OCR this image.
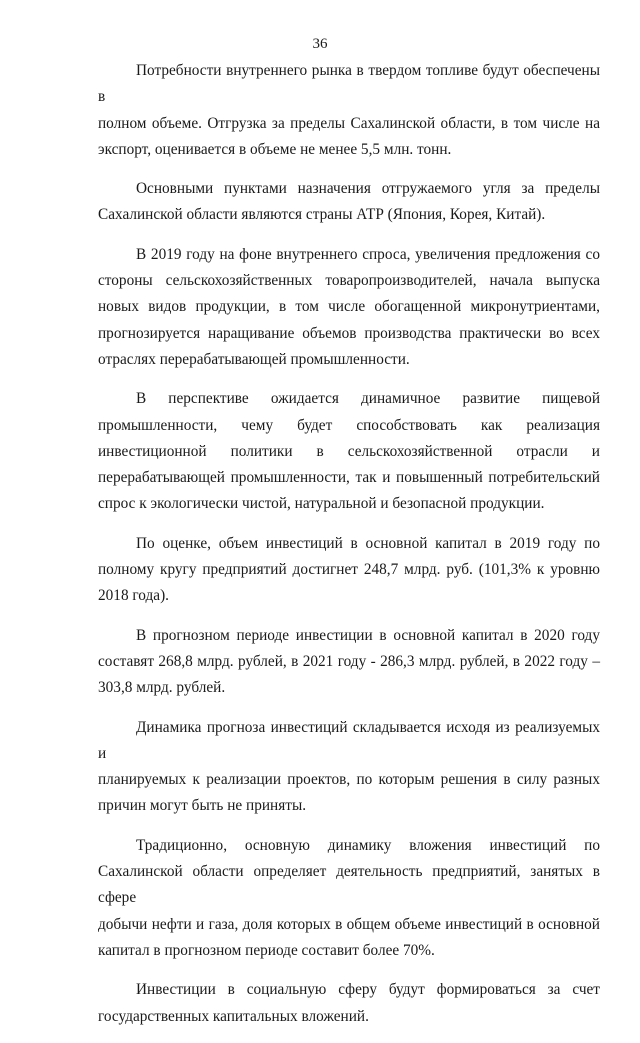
36

Потребности внутреннего рынка в твердом топливе будут обеспечены в
полном объеме. Отгрузка за пределы Сахалинской области, в том числе на
экспорт, оценивается в объеме не менее 5,5 млн. тонн.

Основными пунктами назначения отгружаемого угля за пределы
Сахалинской области являются страны АТР (Япония, Корея, Китай).

В 2019 году на фоне внутреннего спроса, увеличения предложения со
стороны сельскохозяйственных товаропроизводителей, начала выпуска
новых видов продукции, в том числе обогащенной микронутриентами,
прогнозируется наращивание объемов производства практически во всех
отраслях перерабатывающей промышленности.

В перспективе ожидается динамичное развитие пищевой
промышленности, чему будет способствовать как реализация
инвестиционной политики в сельскохозяйственной отрасли и
перерабатывающей промышленности, так и повышенный потребительский
спрос к экологически чистой, натуральной и безопасной продукции.

По оценке, объем инвестиций в основной капитал в 2019 году по
полному кругу предприятий достигнет 248,7 млрд. руб. (101,3% к уровню
2018 года).

В прогнозном периоде инвестиции в основной капитал в 2020 году
составят 268,8 млрд. рублей, в 2021 году - 286,3 млрд. рублей, в 2022 году –
303,8 млрд. рублей.

Динамика прогноза инвестиций складывается исходя из реализуемых и
планируемых к реализации проектов, по которым решения в силу разных
причин могут быть не приняты.

Традиционно, основную динамику вложения инвестиций по
Сахалинской области определяет деятельность предприятий, занятых в сфере
добычи нефти и газа, доля которых в общем объеме инвестиций в основной
капитал в прогнозном периоде составит более 70%.

Инвестиции в социальную сферу будут формироваться за счет
государственных капитальных вложений.
